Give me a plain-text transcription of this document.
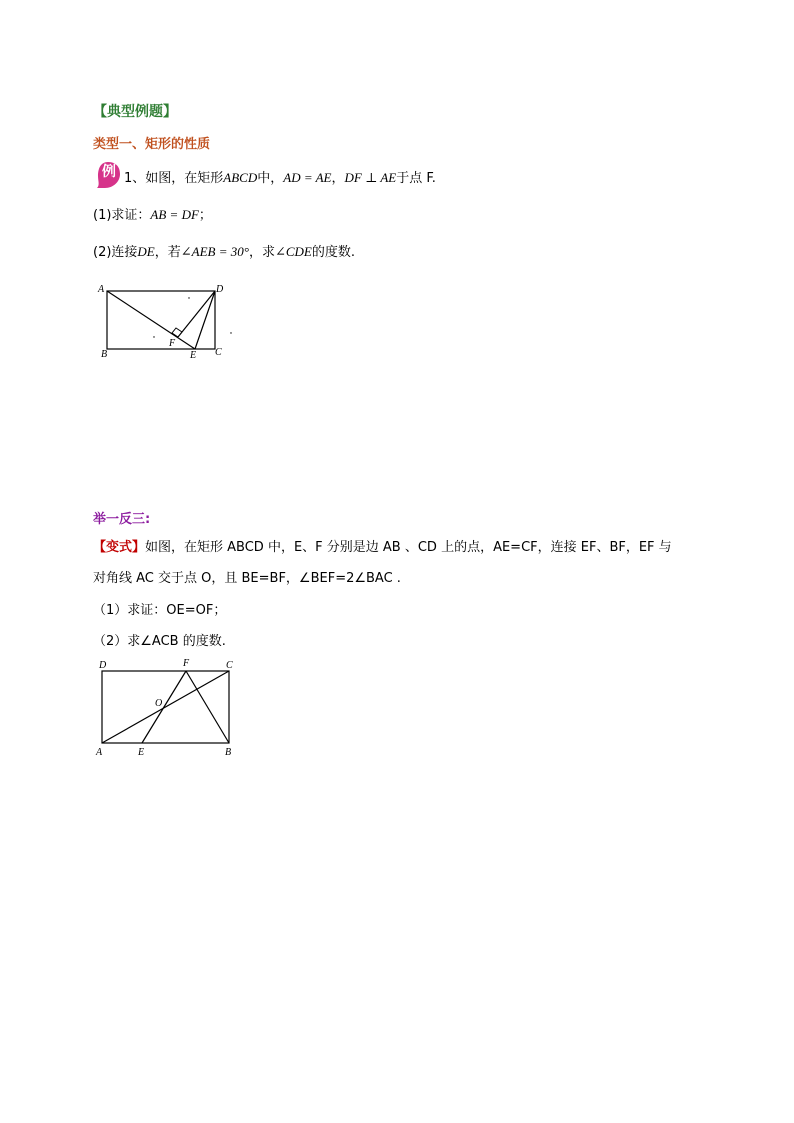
【典型例题】
类型一、矩形的性质
例 1、如图，在矩形ABCD中，AD = AE，DF ⊥ AE于点 F.
(1)求证：AB = DF；
(2)连接DE，若∠AEB = 30°，求∠CDE的度数.
A	D
B	C
E
F
举一反三:
【变式】如图，在矩形 ABCD 中，E、F 分别是边 AB 、CD 上的点，AE=CF，连接 EF、BF，EF 与
对角线 AC 交于点 O，且 BE=BF，∠BEF=2∠BAC .
（1）求证：OE=OF；
（2）求∠ACB 的度数.
D	F	C
O
A	E	B
